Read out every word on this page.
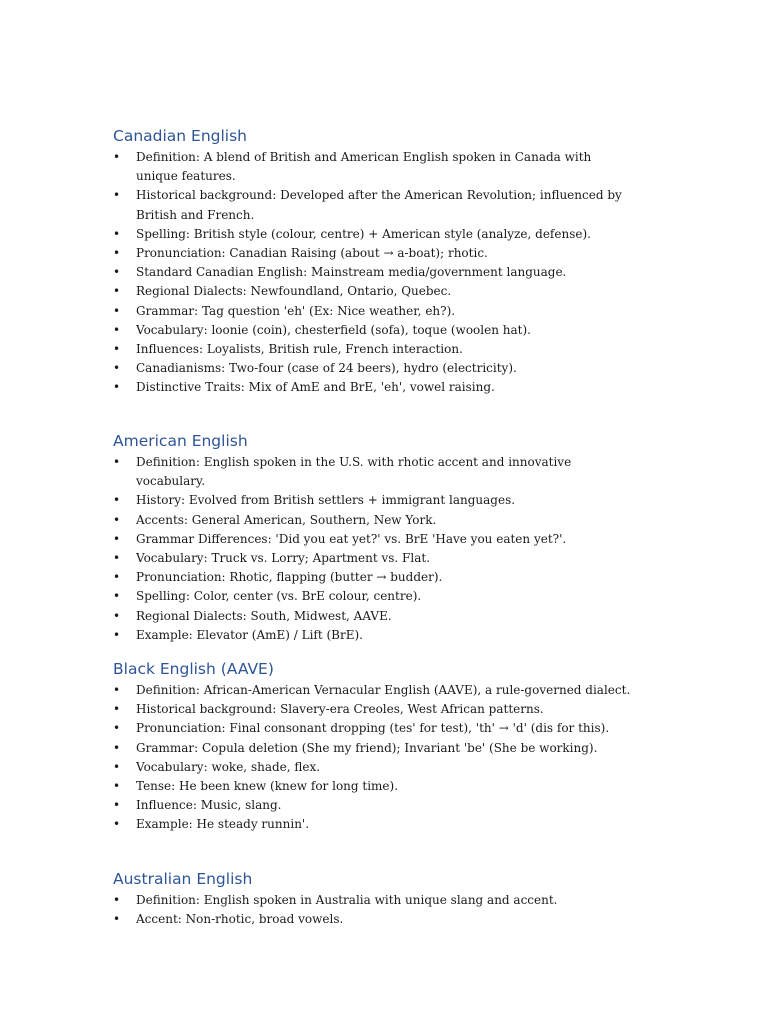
Canadian English
• Definition: A blend of British and American English spoken in Canada with unique features.
• Historical background: Developed after the American Revolution; influenced by British and French.
• Spelling: British style (colour, centre) + American style (analyze, defense).
• Pronunciation: Canadian Raising (about → a-boat); rhotic.
• Standard Canadian English: Mainstream media/government language.
• Regional Dialects: Newfoundland, Ontario, Quebec.
• Grammar: Tag question 'eh' (Ex: Nice weather, eh?).
• Vocabulary: loonie (coin), chesterfield (sofa), toque (woolen hat).
• Influences: Loyalists, British rule, French interaction.
• Canadianisms: Two-four (case of 24 beers), hydro (electricity).
• Distinctive Traits: Mix of AmE and BrE, 'eh', vowel raising.
American English
• Definition: English spoken in the U.S. with rhotic accent and innovative vocabulary.
• History: Evolved from British settlers + immigrant languages.
• Accents: General American, Southern, New York.
• Grammar Differences: 'Did you eat yet?' vs. BrE 'Have you eaten yet?'.
• Vocabulary: Truck vs. Lorry; Apartment vs. Flat.
• Pronunciation: Rhotic, flapping (butter → budder).
• Spelling: Color, center (vs. BrE colour, centre).
• Regional Dialects: South, Midwest, AAVE.
• Example: Elevator (AmE) / Lift (BrE).
Black English (AAVE)
• Definition: African-American Vernacular English (AAVE), a rule-governed dialect.
• Historical background: Slavery-era Creoles, West African patterns.
• Pronunciation: Final consonant dropping (tes' for test), 'th' → 'd' (dis for this).
• Grammar: Copula deletion (She my friend); Invariant 'be' (She be working).
• Vocabulary: woke, shade, flex.
• Tense: He been knew (knew for long time).
• Influence: Music, slang.
• Example: He steady runnin'.
Australian English
• Definition: English spoken in Australia with unique slang and accent.
• Accent: Non-rhotic, broad vowels.
